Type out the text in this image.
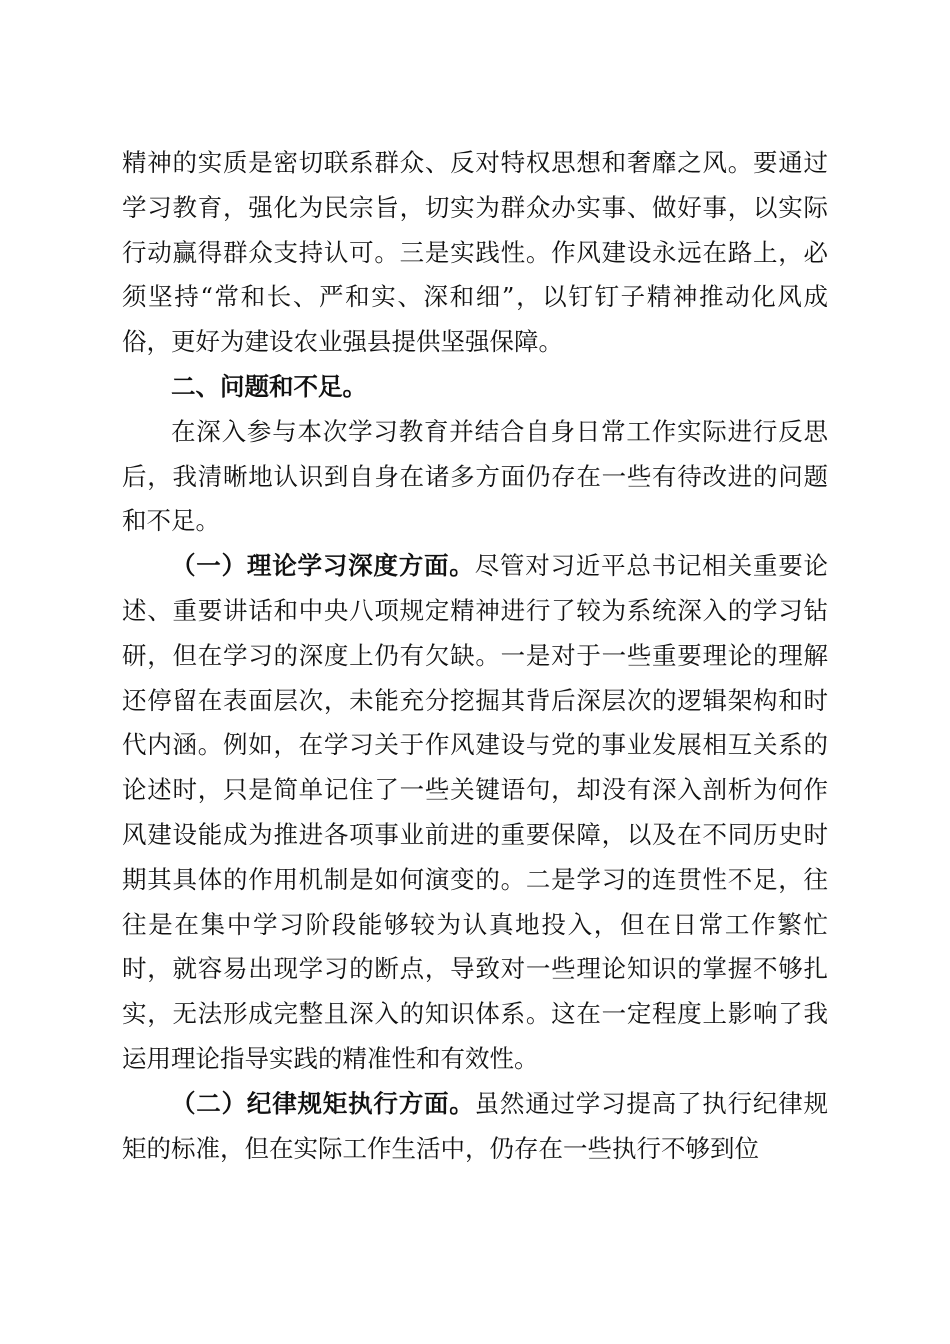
精神的实质是密切联系群众、反对特权思想和奢靡之风。要通过学习教育，强化为民宗旨，切实为群众办实事、做好事，以实际行动赢得群众支持认可。三是实践性。作风建设永远在路上，必须坚持“常和长、严和实、深和细”，以钉钉子精神推动化风成俗，更好为建设农业强县提供坚强保障。

二、问题和不足。

在深入参与本次学习教育并结合自身日常工作实际进行反思后，我清晰地认识到自身在诸多方面仍存在一些有待改进的问题和不足。

（一）理论学习深度方面。尽管对习近平总书记相关重要论述、重要讲话和中央八项规定精神进行了较为系统深入的学习钻研，但在学习的深度上仍有欠缺。一是对于一些重要理论的理解还停留在表面层次，未能充分挖掘其背后深层次的逻辑架构和时代内涵。例如，在学习关于作风建设与党的事业发展相互关系的论述时，只是简单记住了一些关键语句，却没有深入剖析为何作风建设能成为推进各项事业前进的重要保障，以及在不同历史时期其具体的作用机制是如何演变的。二是学习的连贯性不足，往往是在集中学习阶段能够较为认真地投入，但在日常工作繁忙时，就容易出现学习的断点，导致对一些理论知识的掌握不够扎实，无法形成完整且深入的知识体系。这在一定程度上影响了我运用理论指导实践的精准性和有效性。

（二）纪律规矩执行方面。虽然通过学习提高了执行纪律规矩的标准，但在实际工作生活中，仍存在一些执行不够到位
